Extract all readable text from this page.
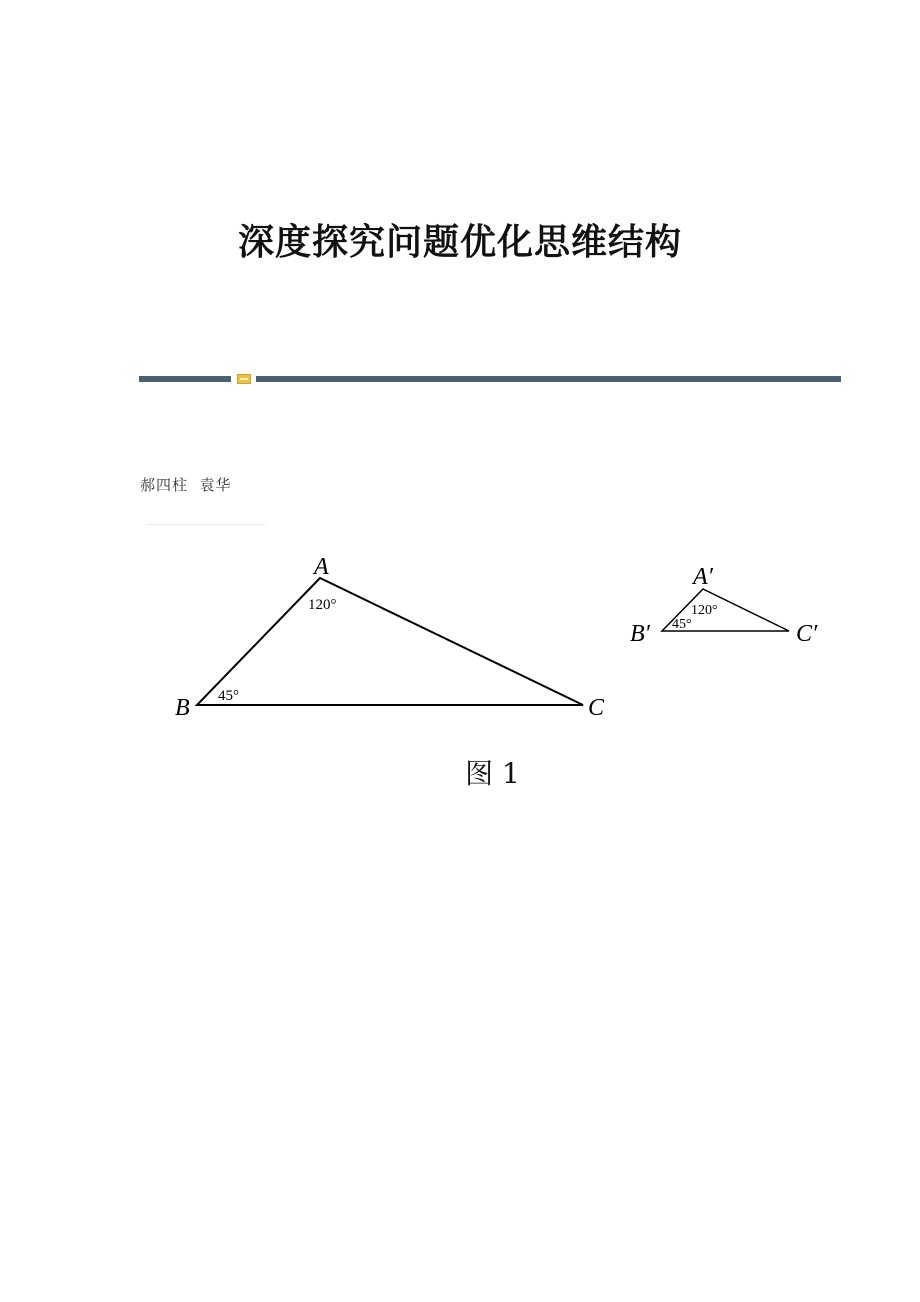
深度探究问题优化思维结构
郝四柱  袁华
A
B	C
120°
45°
A′
B′	C′
120°
45°
图 1
